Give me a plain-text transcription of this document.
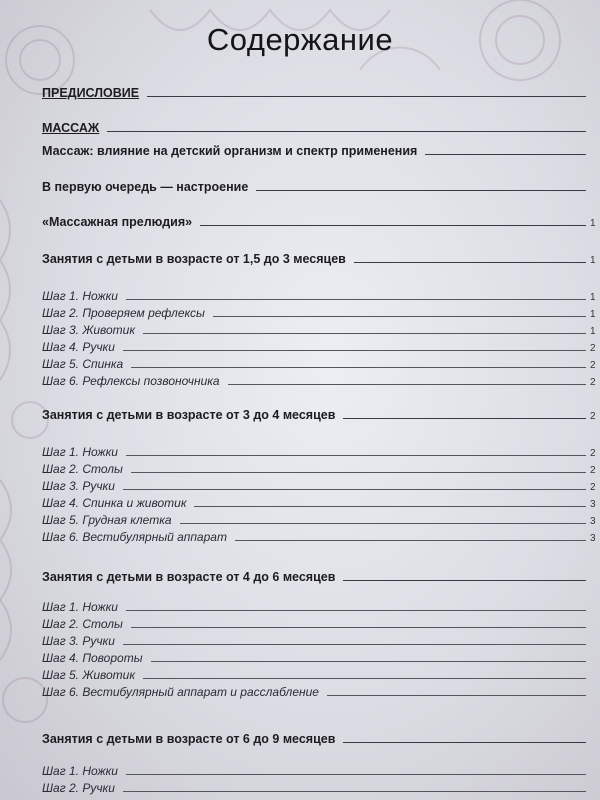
Содержание
ПРЕДИСЛОВИЕ
МАССАЖ
Массаж: влияние на детский организм и спектр применения
В первую очередь — настроение
«Массажная прелюдия»	1
Занятия с детьми в возрасте от 1,5 до 3 месяцев	1
Шаг 1. Ножки	1
Шаг 2. Проверяем рефлексы	1
Шаг 3. Животик	1
Шаг 4. Ручки	2
Шаг 5. Спинка	2
Шаг 6. Рефлексы позвоночника	2
Занятия с детьми в возрасте от 3 до 4 месяцев	2
Шаг 1. Ножки	2
Шаг 2. Столы	2
Шаг 3. Ручки	2
Шаг 4. Спинка и животик	3
Шаг 5. Грудная клетка	3
Шаг 6. Вестибулярный аппарат	3
Занятия с детьми в возрасте от 4 до 6 месяцев
Шаг 1. Ножки
Шаг 2. Столы
Шаг 3. Ручки
Шаг 4. Повороты
Шаг 5. Животик
Шаг 6. Вестибулярный аппарат и расслабление
Занятия с детьми в возрасте от 6 до 9 месяцев
Шаг 1. Ножки
Шаг 2. Ручки
